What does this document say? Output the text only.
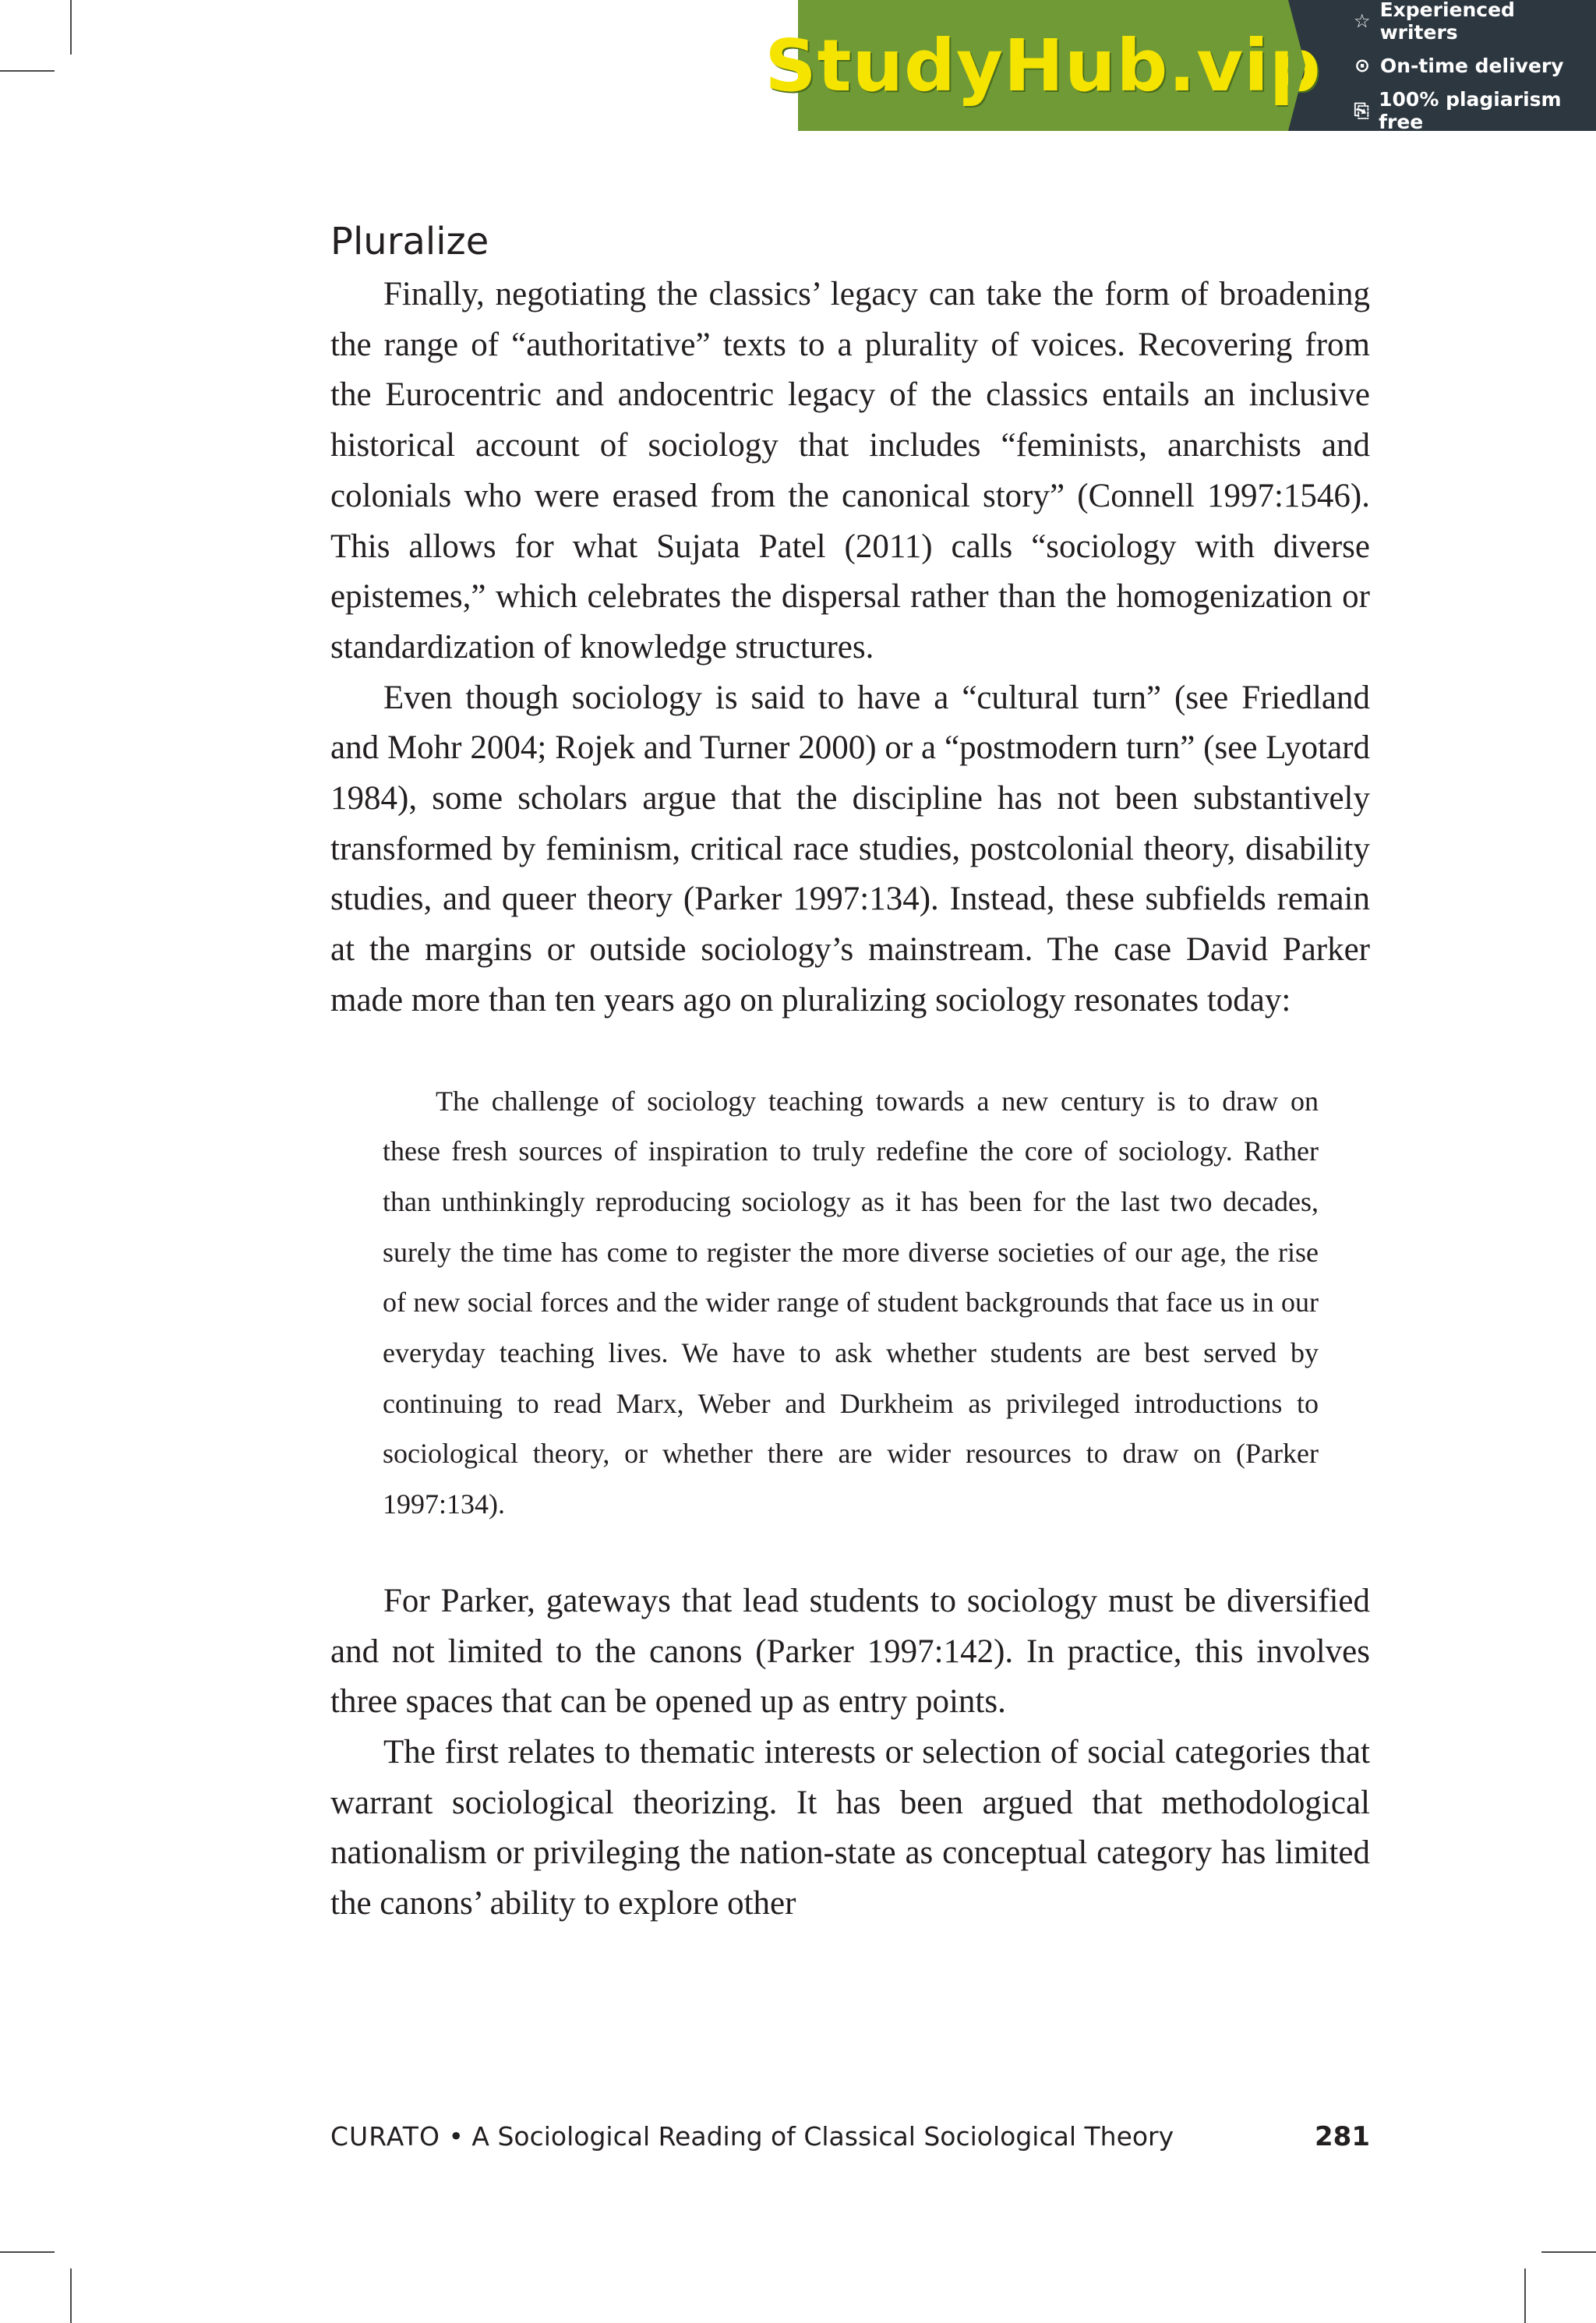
StudyHub.vip
☆ Experienced writers
⊙ On-time delivery
⎘ 100% plagiarism free
Pluralize

Finally, negotiating the classics’ legacy can take the form of broadening the range of “authoritative” texts to a plurality of voices. Recovering from the Eurocentric and andocentric legacy of the classics entails an inclusive historical account of sociology that includes “feminists, anarchists and colonials who were erased from the canonical story” (Connell 1997:1546). This allows for what Sujata Patel (2011) calls “sociology with diverse epistemes,” which celebrates the dispersal rather than the homogenization or standardization of knowledge structures.

Even though sociology is said to have a “cultural turn” (see Friedland and Mohr 2004; Rojek and Turner 2000) or a “postmodern turn” (see Lyotard 1984), some scholars argue that the discipline has not been substantively transformed by feminism, critical race studies, postcolonial theory, disability studies, and queer theory (Parker 1997:134). Instead, these subfields remain at the margins or outside sociology’s mainstream. The case David Parker made more than ten years ago on pluralizing sociology resonates today:

The challenge of sociology teaching towards a new century is to draw on these fresh sources of inspiration to truly redefine the core of sociology. Rather than unthinkingly reproducing sociology as it has been for the last two decades, surely the time has come to register the more diverse societies of our age, the rise of new social forces and the wider range of student backgrounds that face us in our everyday teaching lives. We have to ask whether students are best served by continuing to read Marx, Weber and Durkheim as privileged introductions to sociological theory, or whether there are wider resources to draw on (Parker 1997:134).

For Parker, gateways that lead students to sociology must be diversified and not limited to the canons (Parker 1997:142). In practice, this involves three spaces that can be opened up as entry points.

The first relates to thematic interests or selection of social categories that warrant sociological theorizing. It has been argued that methodological nationalism or privileging the nation-state as conceptual category has limited the canons’ ability to explore other

CURATO • A Sociological Reading of Classical Sociological Theory	281
